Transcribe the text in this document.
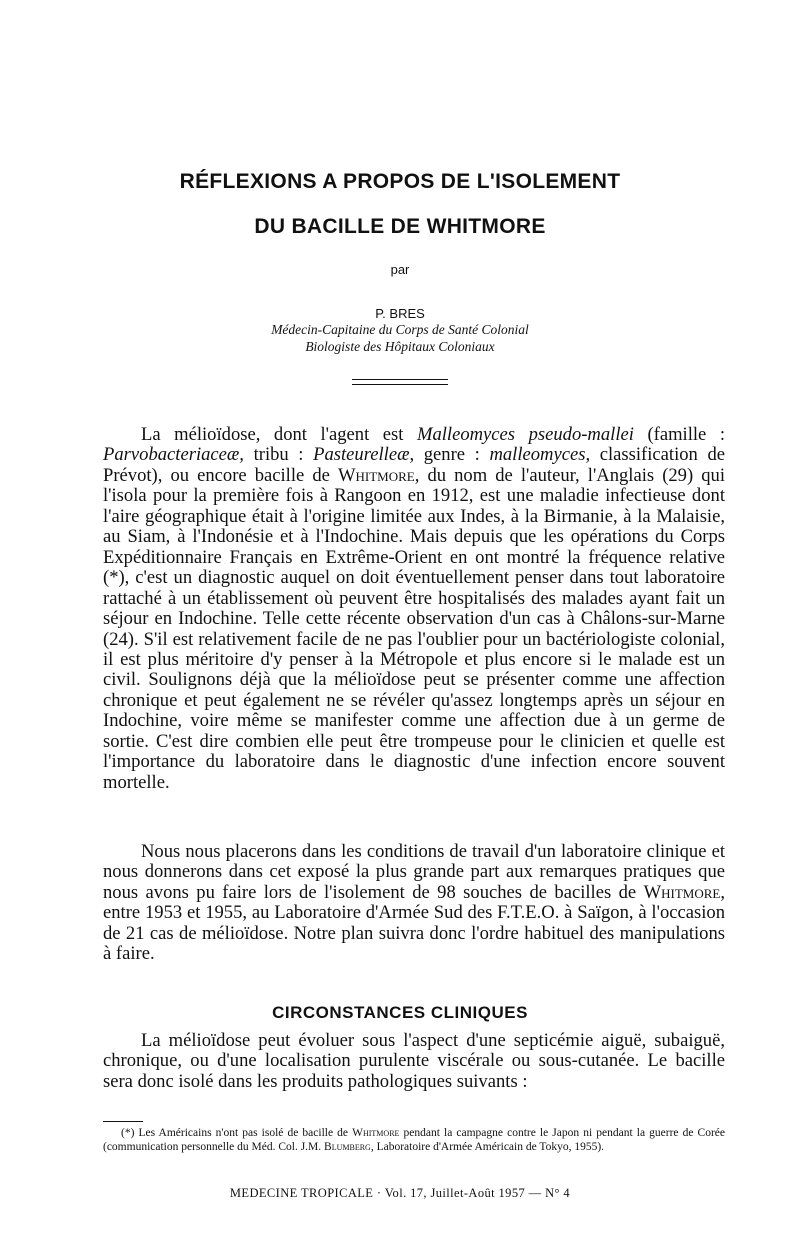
RÉFLEXIONS A PROPOS DE L'ISOLEMENT
DU BACILLE DE WHITMORE
par
P. BRES
Médecin-Capitaine du Corps de Santé Colonial
Biologiste des Hôpitaux Coloniaux

La mélioïdose, dont l'agent est Malleomyces pseudo-mallei (famille : Parvobacteriaceæ, tribu : Pasteurelleæ, genre : malleomyces, classification de Prévot), ou encore bacille de Whitmore, du nom de l'auteur, l'Anglais (29) qui l'isola pour la première fois à Rangoon en 1912, est une maladie infectieuse dont l'aire géographique était à l'origine limitée aux Indes, à la Birmanie, à la Malaisie, au Siam, à l'Indonésie et à l'Indochine. Mais depuis que les opérations du Corps Expéditionnaire Français en Extrême-Orient en ont montré la fréquence relative (*), c'est un diagnostic auquel on doit éventuellement penser dans tout laboratoire rattaché à un établissement où peuvent être hospitalisés des malades ayant fait un séjour en Indochine. Telle cette récente observation d'un cas à Châlons-sur-Marne (24). S'il est relativement facile de ne pas l'oublier pour un bactériologiste colonial, il est plus méritoire d'y penser à la Métropole et plus encore si le malade est un civil. Soulignons déjà que la mélioïdose peut se présenter comme une affection chronique et peut également ne se révéler qu'assez longtemps après un séjour en Indochine, voire même se manifester comme une affection due à un germe de sortie. C'est dire combien elle peut être trompeuse pour le clinicien et quelle est l'importance du laboratoire dans le diagnostic d'une infection encore souvent mortelle.

Nous nous placerons dans les conditions de travail d'un laboratoire clinique et nous donnerons dans cet exposé la plus grande part aux remarques pratiques que nous avons pu faire lors de l'isolement de 98 souches de bacilles de Whitmore, entre 1953 et 1955, au Laboratoire d'Armée Sud des F.T.E.O. à Saïgon, à l'occasion de 21 cas de mélioïdose. Notre plan suivra donc l'ordre habituel des manipulations à faire.

CIRCONSTANCES CLINIQUES

La mélioïdose peut évoluer sous l'aspect d'une septicémie aiguë, subaiguë, chronique, ou d'une localisation purulente viscérale ou sous-cutanée. Le bacille sera donc isolé dans les produits pathologiques suivants :

(*) Les Américains n'ont pas isolé de bacille de Whitmore pendant la campagne contre le Japon ni pendant la guerre de Corée (communication personnelle du Méd. Col. J.M. Blumberg, Laboratoire d'Armée Américain de Tokyo, 1955).

MEDECINE TROPICALE · Vol. 17, Juillet-Août 1957 — N° 4
